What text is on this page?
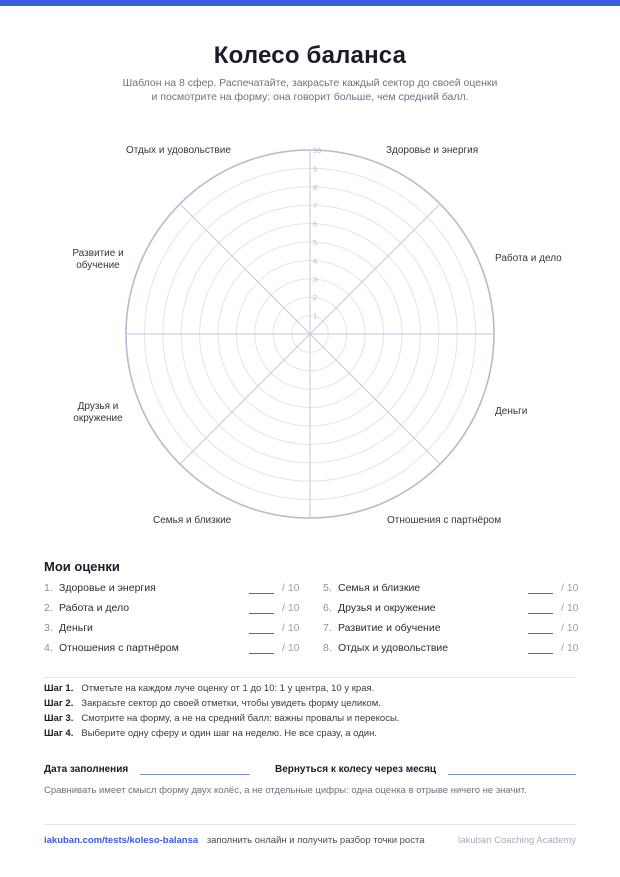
Колесо баланса
Шаблон на 8 сфер. Распечатайте, закрасьте каждый сектор до своей оценки
и посмотрите на форму: она говорит больше, чем средний балл.
1
2
3
4
5
6
7
8
9
10
Отдых и удовольствие	Здоровье и энергия
Работа и дело
Деньги
Отношения с партнёром
Семья и близкие
Друзья и
окружение
Развитие и
обучение
Мои оценки
1. Здоровье и энергия	/ 10
2. Работа и дело	/ 10
3. Деньги	/ 10
4. Отношения с партнёром	/ 10
5. Семья и близкие	/ 10
6. Друзья и окружение	/ 10
7. Развитие и обучение	/ 10
8. Отдых и удовольствие	/ 10
Шаг 1. Отметьте на каждом луче оценку от 1 до 10: 1 у центра, 10 у края.
Шаг 2. Закрасьте сектор до своей отметки, чтобы увидеть форму целиком.
Шаг 3. Смотрите на форму, а не на средний балл: важны провалы и перекосы.
Шаг 4. Выберите одну сферу и один шаг на неделю. Не все сразу, а один.
Дата заполнения	Вернуться к колесу через месяц
Сравнивать имеет смысл форму двух колёс, а не отдельные цифры: одна оценка в отрыве ничего не значит.
iakuban.com/tests/koleso-balansa заполнить онлайн и получить разбор точки роста	Iakuban Coaching Academy
